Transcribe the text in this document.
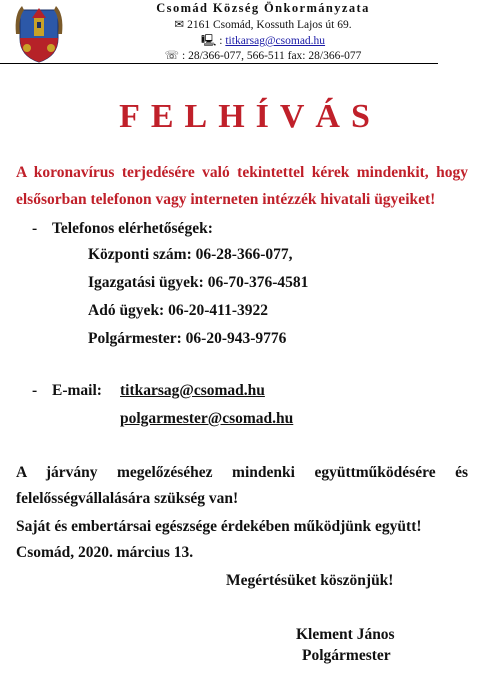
Csomád Község Önkormányzata
✉ 2161 Csomád, Kossuth Lajos út 69.
🖳 : titkarsag@csomad.hu
☏ : 28/366-077, 566-511 fax: 28/366-077
FELHÍVÁS
A koronavírus terjedésére való tekintettel kérek mindenkit, hogy
elsősorban telefonon vagy interneten intézzék hivatali ügyeiket!
- Telefonos elérhetőségek:
Központi szám: 06-28-366-077,
Igazgatási ügyek: 06-70-376-4581
Adó ügyek: 06-20-411-3922
Polgármester: 06-20-943-9776
- E-mail: titkarsag@csomad.hu
polgarmester@csomad.hu
A járvány megelőzéséhez mindenki együttműködésére és
felelősségvállalására szükség van!
Saját és embertársai egészsége érdekében működjünk együtt!
Csomád, 2020. március 13.
Megértésüket köszönjük!
Klement János
Polgármester
